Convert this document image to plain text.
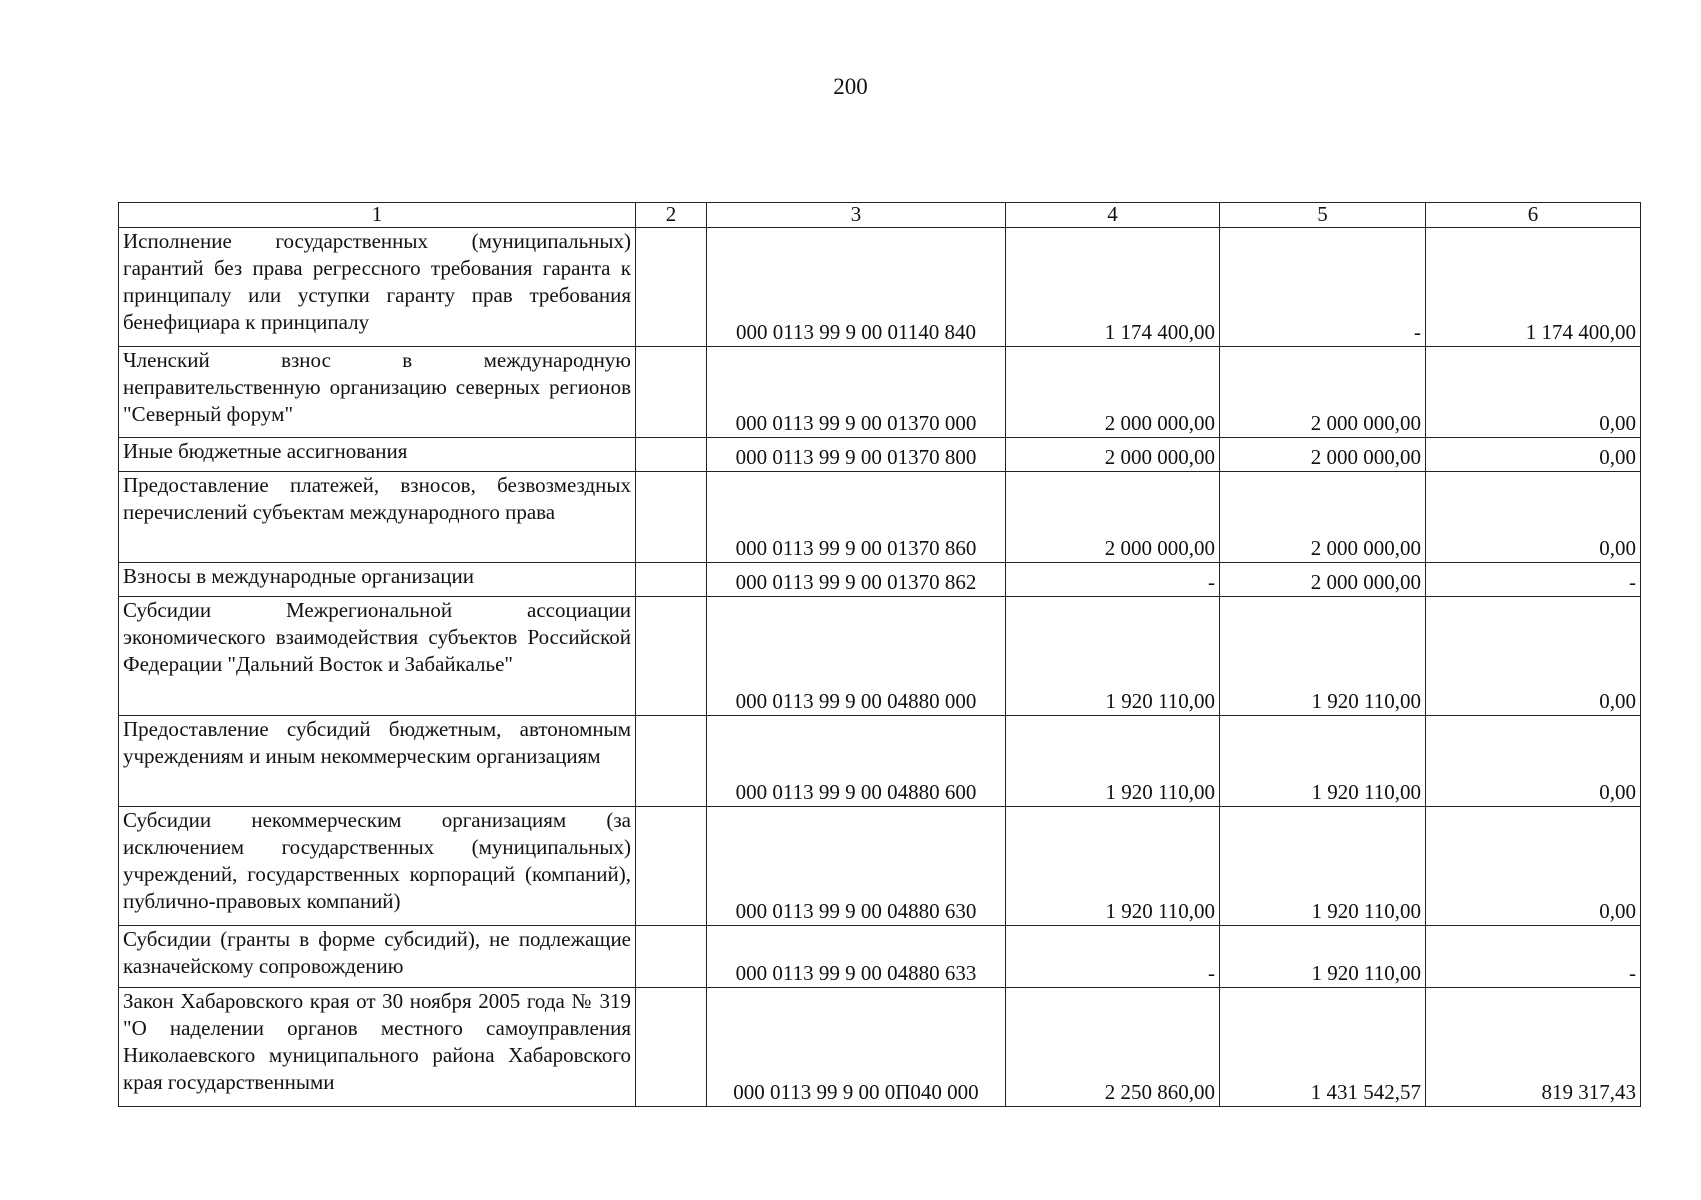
200
1	2	3	4	5	6
Исполнение государственных (муниципальных) гарантий без права регрессного требования гаранта к принципалу или уступки гаранту прав требования бенефициара к принципалу		000 0113 99 9 00 01140 840	1 174 400,00	-	1 174 400,00
Членский взнос в международную неправительственную организацию северных регионов "Северный форум"		000 0113 99 9 00 01370 000	2 000 000,00	2 000 000,00	0,00
Иные бюджетные ассигнования		000 0113 99 9 00 01370 800	2 000 000,00	2 000 000,00	0,00
Предоставление платежей, взносов, безвозмездных перечислений субъектам международного права		000 0113 99 9 00 01370 860	2 000 000,00	2 000 000,00	0,00
Взносы в международные организации		000 0113 99 9 00 01370 862	-	2 000 000,00	-
Субсидии Межрегиональной ассоциации экономического взаимодействия субъектов Российской Федерации "Дальний Восток и Забайкалье"		000 0113 99 9 00 04880 000	1 920 110,00	1 920 110,00	0,00
Предоставление субсидий бюджетным, автономным учреждениям и иным некоммерческим организациям		000 0113 99 9 00 04880 600	1 920 110,00	1 920 110,00	0,00
Субсидии некоммерческим организациям (за исключением государственных (муниципальных) учреждений, государственных корпораций (компаний), публично-правовых компаний)		000 0113 99 9 00 04880 630	1 920 110,00	1 920 110,00	0,00
Субсидии (гранты в форме субсидий), не подлежащие казначейскому сопровождению		000 0113 99 9 00 04880 633	-	1 920 110,00	-
Закон Хабаровского края от 30 ноября 2005 года № 319 "О наделении органов местного самоуправления Николаевского муниципального района Хабаровского края государственными		000 0113 99 9 00 0П040 000	2 250 860,00	1 431 542,57	819 317,43
